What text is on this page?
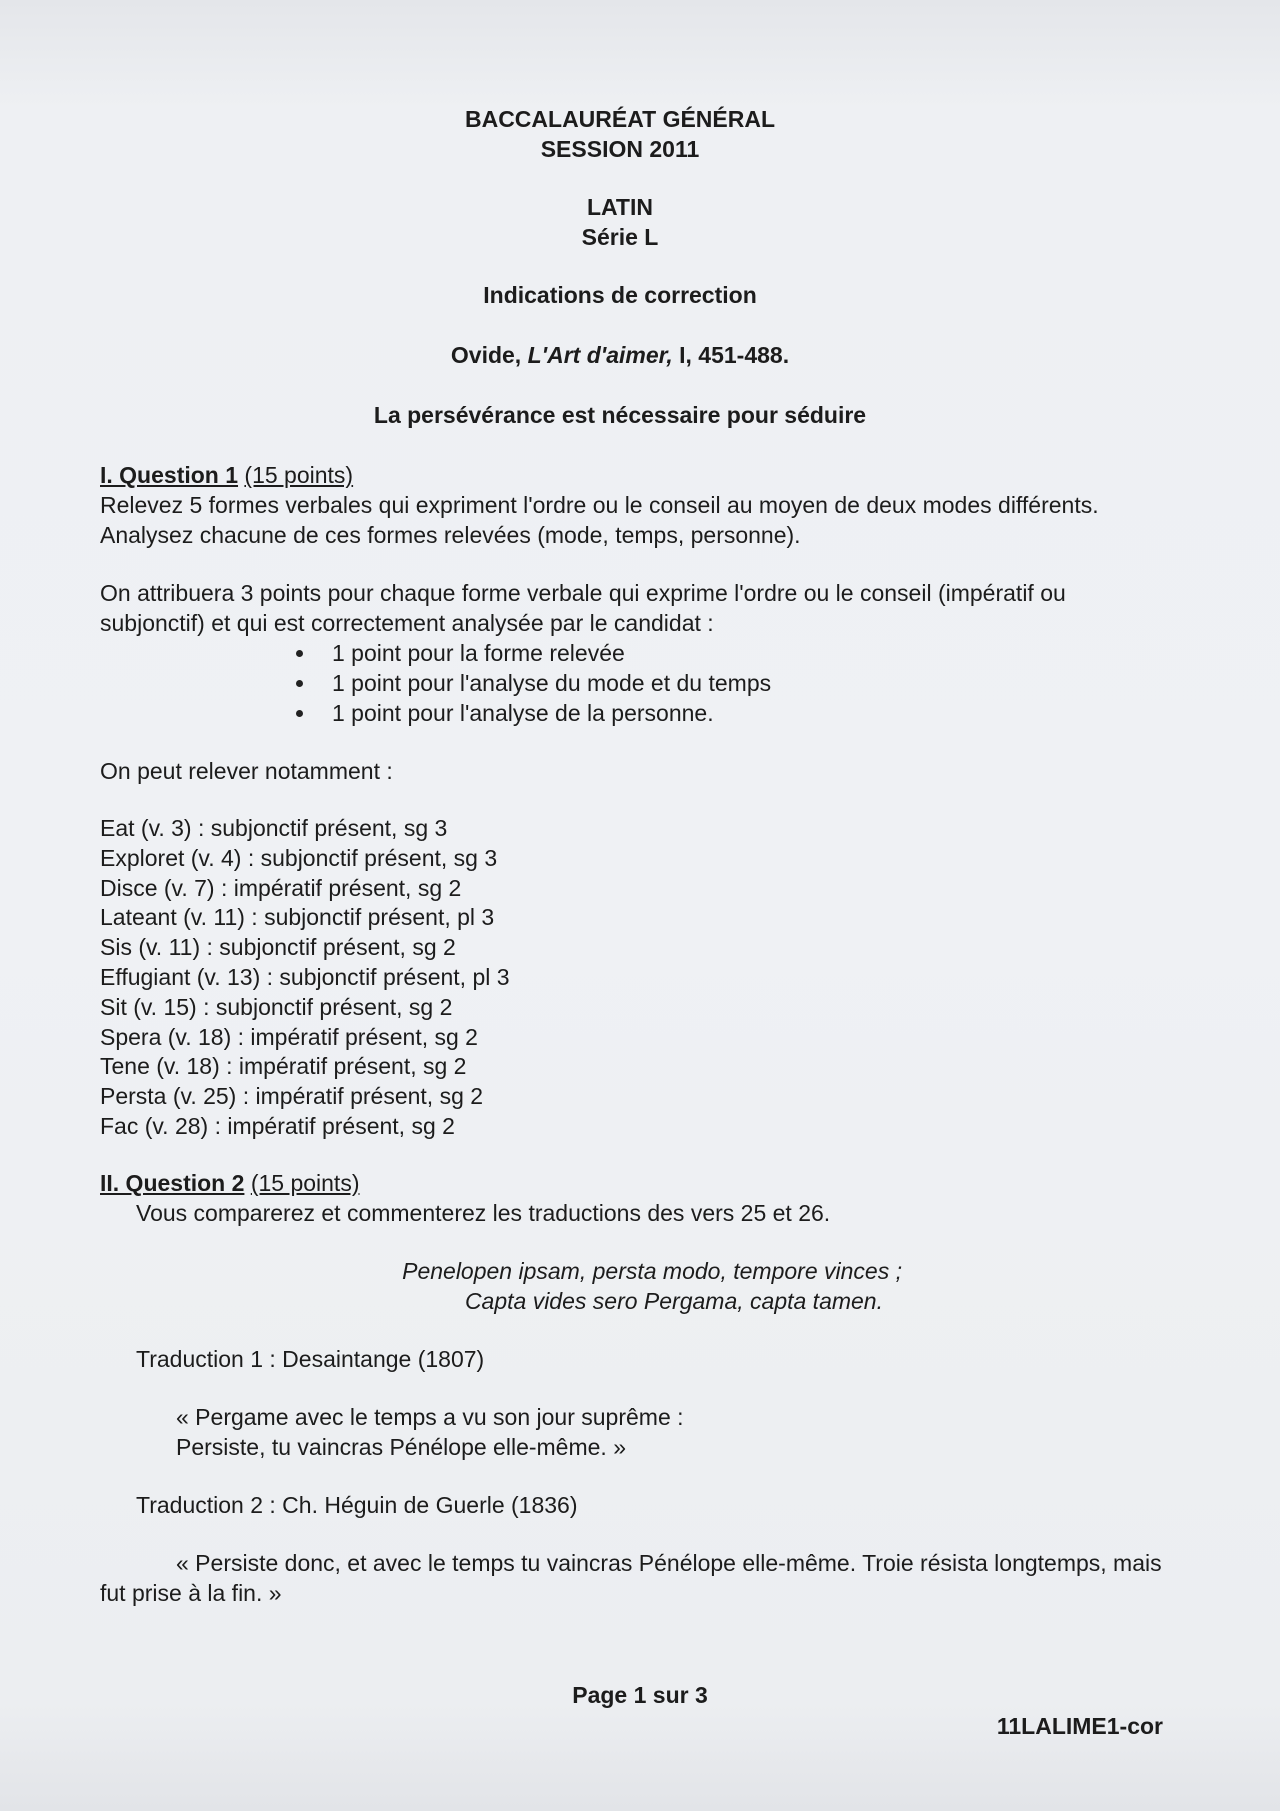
BACCALAURÉAT GÉNÉRAL
SESSION 2011
LATIN
Série L
Indications de correction
Ovide, L'Art d'aimer, I, 451-488.
La persévérance est nécessaire pour séduire
I. Question 1 (15 points)
Relevez 5 formes verbales qui expriment l'ordre ou le conseil au moyen de deux modes différents. Analysez chacune de ces formes relevées (mode, temps, personne).
On attribuera 3 points pour chaque forme verbale qui exprime l'ordre ou le conseil (impératif ou subjonctif) et qui est correctement analysée par le candidat :
1 point pour la forme relevée
1 point pour l'analyse du mode et du temps
1 point pour l'analyse de la personne.
On peut relever notamment :
Eat (v. 3) : subjonctif présent, sg 3
Exploret (v. 4) : subjonctif présent, sg 3
Disce (v. 7) : impératif présent, sg 2
Lateant (v. 11) : subjonctif présent, pl 3
Sis (v. 11) : subjonctif présent, sg 2
Effugiant (v. 13) : subjonctif présent, pl 3
Sit (v. 15) : subjonctif présent, sg 2
Spera (v. 18) : impératif présent, sg 2
Tene (v. 18) : impératif présent, sg 2
Persta (v. 25) : impératif présent, sg 2
Fac (v. 28) : impératif présent, sg 2
II. Question 2 (15 points)
Vous comparerez et commenterez les traductions des vers 25 et 26.
Penelopen ipsam, persta modo, tempore vinces ;
Capta vides sero Pergama, capta tamen.
Traduction 1 : Desaintange (1807)
« Pergame avec le temps a vu son jour suprême :
Persiste, tu vaincras Pénélope elle-même. »
Traduction 2 : Ch. Héguin de Guerle (1836)
« Persiste donc, et avec le temps tu vaincras Pénélope elle-même. Troie résista longtemps, mais fut prise à la fin. »
Page 1 sur 3
11LALIME1-cor
